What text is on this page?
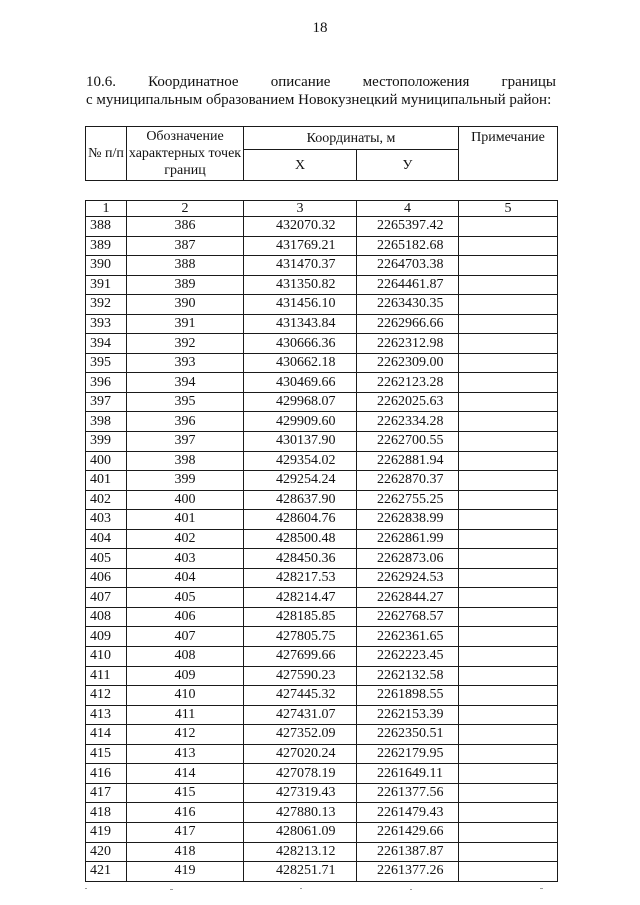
18
10.6. Координатное описание местоположения границы
с муниципальным образованием Новокузнецкий муниципальный район:
№ п/п	Обозначение характерных точек границ	Координаты, м		Примечание
		X	У	
1	2	3	4	5
388	386	432070.32	2265397.42	
389	387	431769.21	2265182.68	
390	388	431470.37	2264703.38	
391	389	431350.82	2264461.87	
392	390	431456.10	2263430.35	
393	391	431343.84	2262966.66	
394	392	430666.36	2262312.98	
395	393	430662.18	2262309.00	
396	394	430469.66	2262123.28	
397	395	429968.07	2262025.63	
398	396	429909.60	2262334.28	
399	397	430137.90	2262700.55	
400	398	429354.02	2262881.94	
401	399	429254.24	2262870.37	
402	400	428637.90	2262755.25	
403	401	428604.76	2262838.99	
404	402	428500.48	2262861.99	
405	403	428450.36	2262873.06	
406	404	428217.53	2262924.53	
407	405	428214.47	2262844.27	
408	406	428185.85	2262768.57	
409	407	427805.75	2262361.65	
410	408	427699.66	2262223.45	
411	409	427590.23	2262132.58	
412	410	427445.32	2261898.55	
413	411	427431.07	2262153.39	
414	412	427352.09	2262350.51	
415	413	427020.24	2262179.95	
416	414	427078.19	2261649.11	
417	415	427319.43	2261377.56	
418	416	427880.13	2261479.43	
419	417	428061.09	2261429.66	
420	418	428213.12	2261387.87	
421	419	428251.71	2261377.26	
